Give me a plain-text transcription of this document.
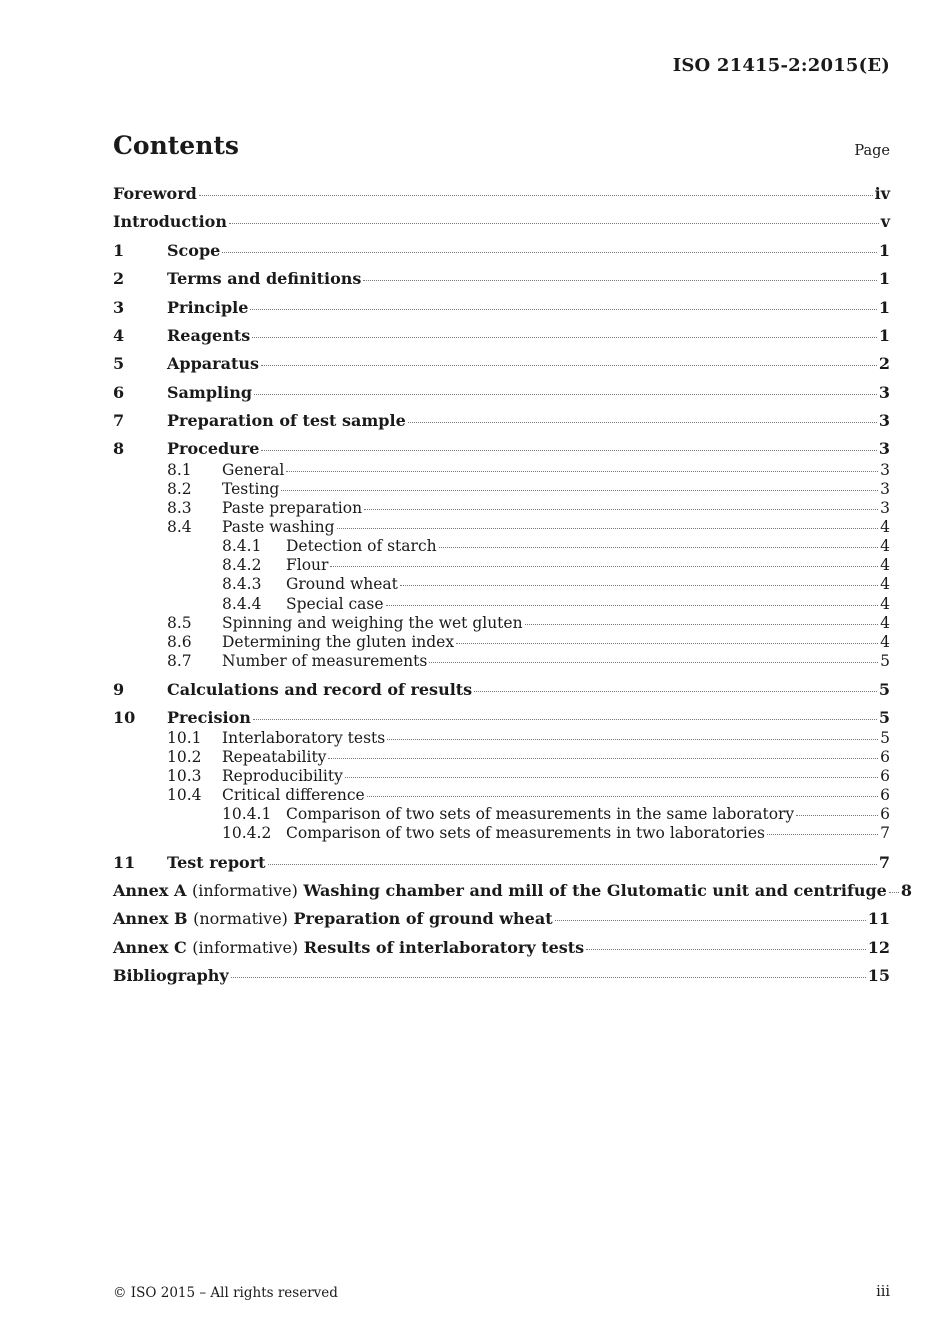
ISO 21415-2:2015(E)
Contents	Page
Foreword	iv
Introduction	v
1	Scope	1
2	Terms and definitions	1
3	Principle	1
4	Reagents	1
5	Apparatus	2
6	Sampling	3
7	Preparation of test sample	3
8	Procedure	3
8.1	General	3
8.2	Testing	3
8.3	Paste preparation	3
8.4	Paste washing	4
8.4.1	Detection of starch	4
8.4.2	Flour	4
8.4.3	Ground wheat	4
8.4.4	Special case	4
8.5	Spinning and weighing the wet gluten	4
8.6	Determining the gluten index	4
8.7	Number of measurements	5
9	Calculations and record of results	5
10	Precision	5
10.1	Interlaboratory tests	5
10.2	Repeatability	6
10.3	Reproducibility	6
10.4	Critical difference	6
10.4.1 Comparison of two sets of measurements in the same laboratory	6
10.4.2 Comparison of two sets of measurements in two laboratories	7
11	Test report	7
Annex A (informative) Washing chamber and mill of the Glutomatic unit and centrifuge 8
Annex B (normative) Preparation of ground wheat	11
Annex C (informative) Results of interlaboratory tests	12
Bibliography	15
© ISO 2015 – All rights reserved	iii
